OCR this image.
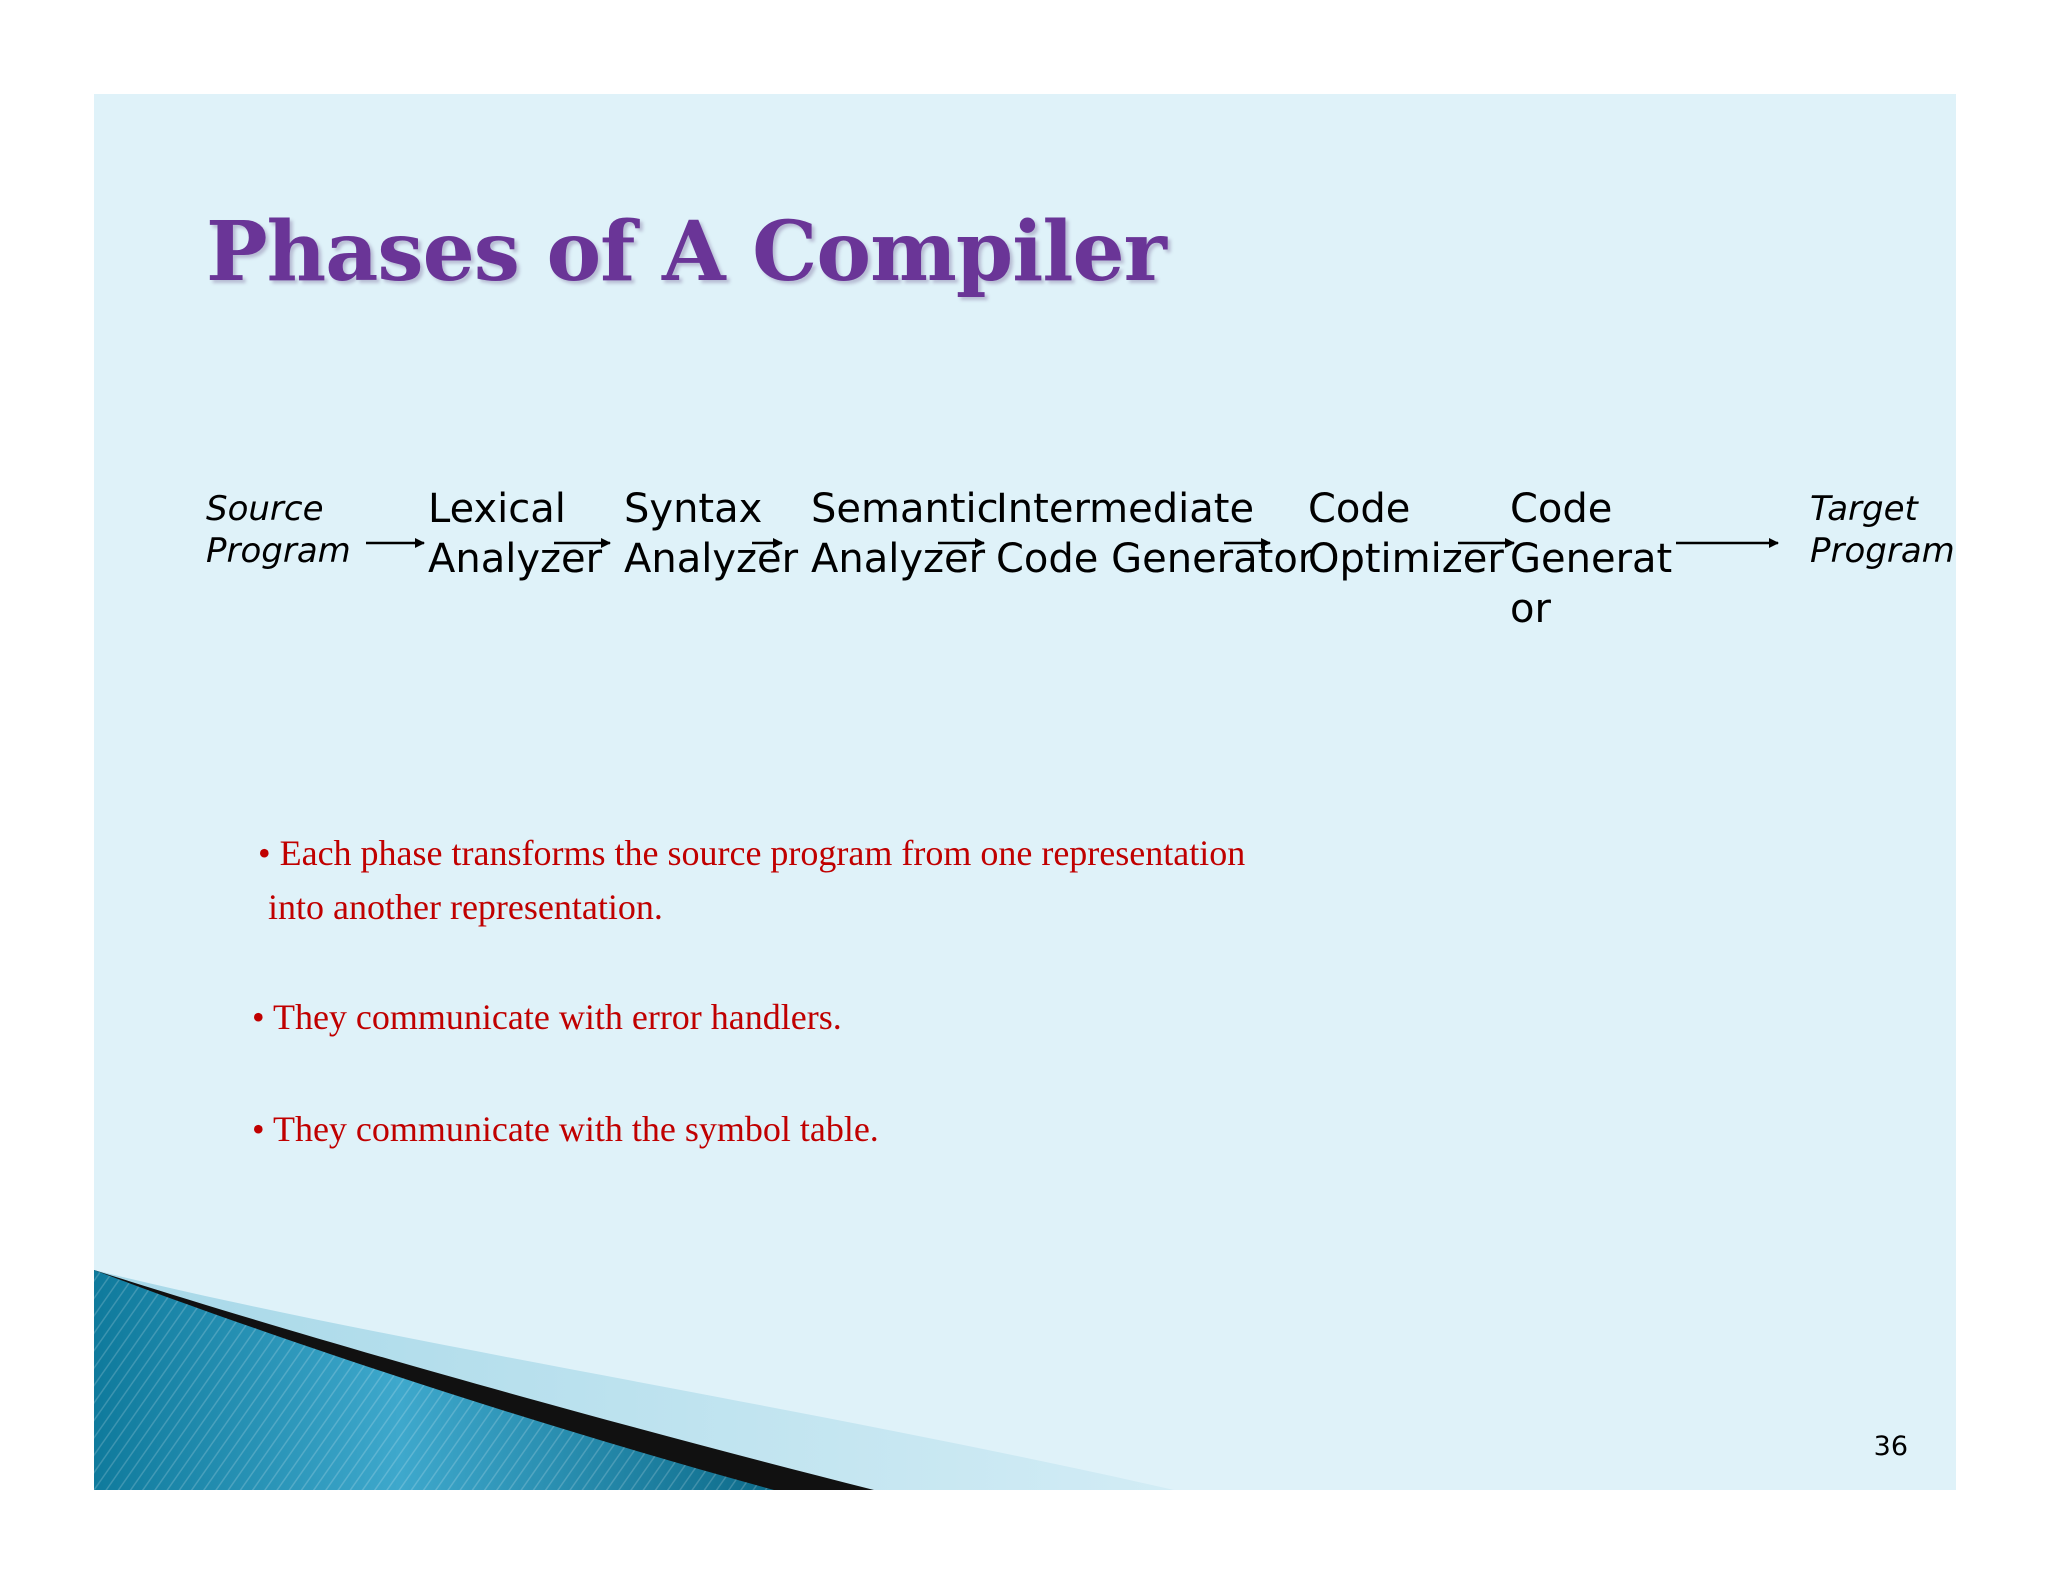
Phases of A Compiler
Source
Program
Lexical
Analyzer
Syntax
Analyzer
Semantic
Analyzer
Intermediate
Code Generator
Code
Optimizer
Code
Generat
or
Target
Program
• Each phase transforms the source program from one representation
into another representation.
• They communicate with error handlers.
• They communicate with the symbol table.
36
